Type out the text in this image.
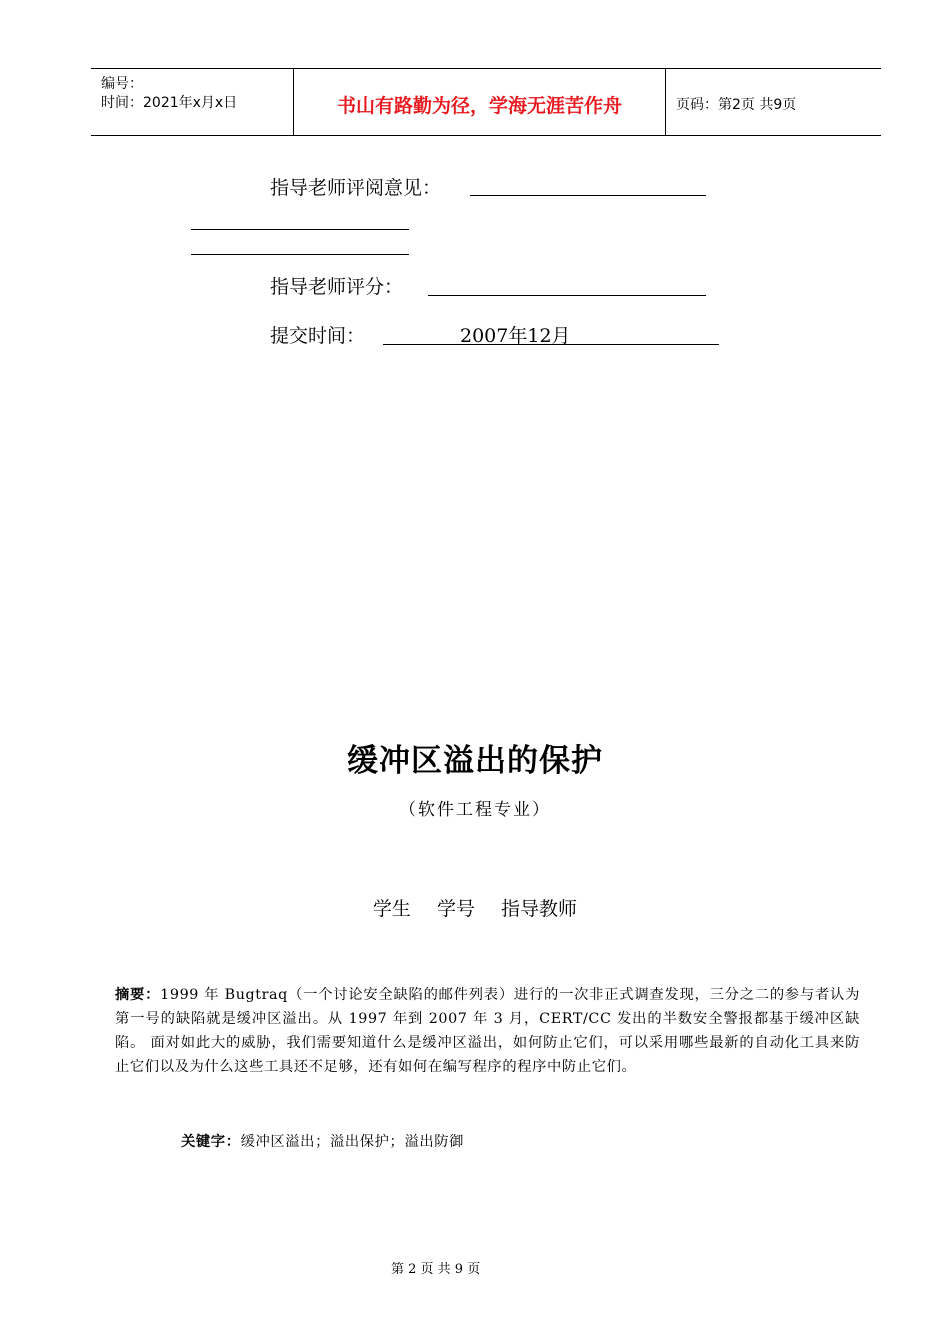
编号：
时间：2021年x月x日	书山有路勤为径，学海无涯苦作舟	页码：第2页 共9页
指导老师评阅意见：
指导老师评分：
提交时间：	2007年12月
缓冲区溢出的保护
（软件工程专业）
学生 学号 指导教师
摘要：1999 年 Bugtraq（一个讨论安全缺陷的邮件列表）进行的一次非正式调查发现，三分之二的参与者认为第一号的缺陷就是缓冲区溢出。从 1997 年到 2007 年 3 月，CERT/CC 发出的半数安全警报都基于缓冲区缺陷。 面对如此大的威胁，我们需要知道什么是缓冲区溢出，如何防止它们，可以采用哪些最新的自动化工具来防止它们以及为什么这些工具还不足够，还有如何在编写程序的程序中防止它们。
关键字：缓冲区溢出；溢出保护；溢出防御
第 2 页 共 9 页
